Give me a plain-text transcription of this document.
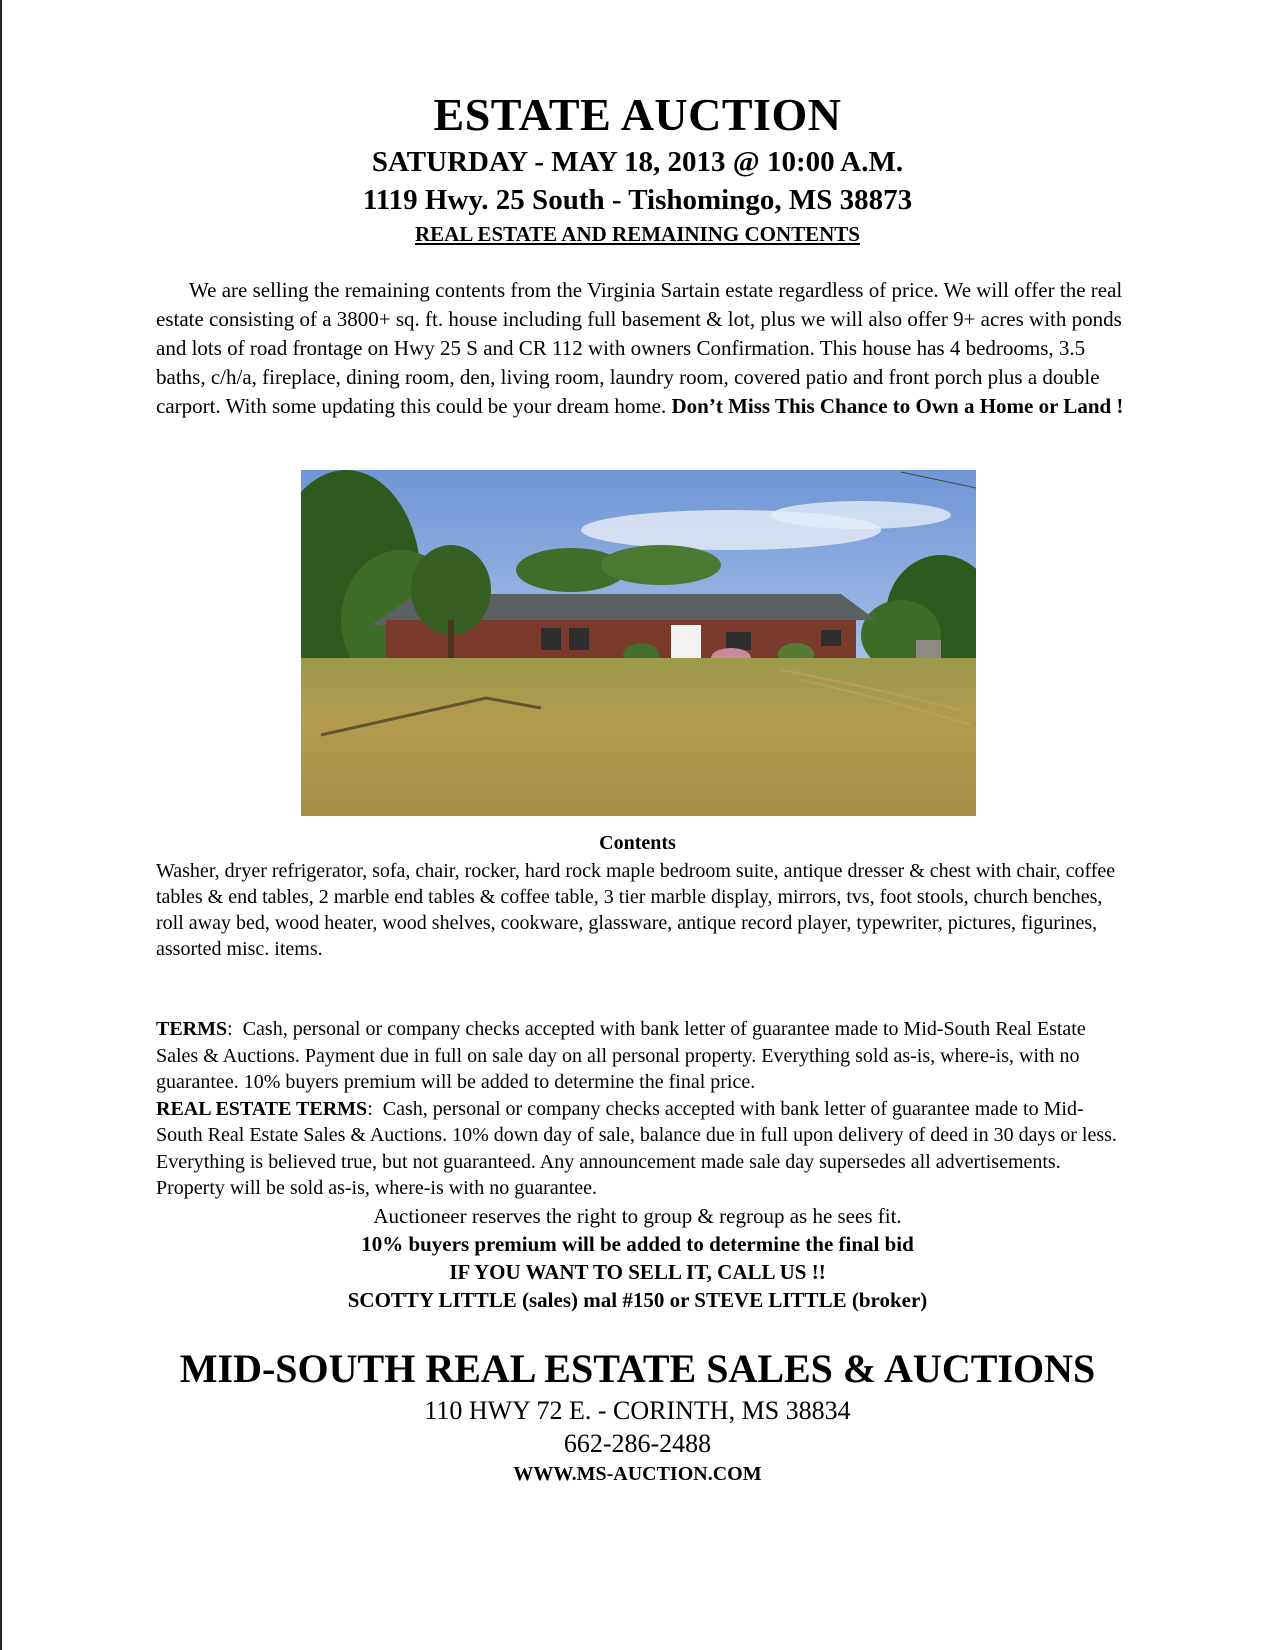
ESTATE AUCTION
SATURDAY - MAY 18, 2013 @ 10:00 A.M.
1119 Hwy. 25 South - Tishomingo, MS 38873
REAL ESTATE AND REMAINING CONTENTS
We are selling the remaining contents from the Virginia Sartain estate regardless of price. We will offer the real estate consisting of a 3800+ sq. ft. house including full basement & lot, plus we will also offer 9+ acres with ponds and lots of road frontage on Hwy 25 S and CR 112 with owners Confirmation. This house has 4 bedrooms, 3.5 baths, c/h/a, fireplace, dining room, den, living room, laundry room, covered patio and front porch plus a double carport. With some updating this could be your dream home. Don’t Miss This Chance to Own a Home or Land !
Contents
Washer, dryer refrigerator, sofa, chair, rocker, hard rock maple bedroom suite, antique dresser & chest with chair, coffee tables & end tables, 2 marble end tables & coffee table, 3 tier marble display, mirrors, tvs, foot stools, church benches, roll away bed, wood heater, wood shelves, cookware, glassware, antique record player, typewriter, pictures, figurines, assorted misc. items.
TERMS:  Cash, personal or company checks accepted with bank letter of guarantee made to Mid-South Real Estate Sales & Auctions. Payment due in full on sale day on all personal property. Everything sold as-is, where-is, with no guarantee. 10% buyers premium will be added to determine the final price.
REAL ESTATE TERMS:  Cash, personal or company checks accepted with bank letter of guarantee made to Mid-South Real Estate Sales & Auctions. 10% down day of sale, balance due in full upon delivery of deed in 30 days or less. Everything is believed true, but not guaranteed. Any announcement made sale day supersedes all advertisements. Property will be sold as-is, where-is with no guarantee.
Auctioneer reserves the right to group & regroup as he sees fit.
10% buyers premium will be added to determine the final bid
IF YOU WANT TO SELL IT, CALL US !!
SCOTTY LITTLE (sales) mal #150 or STEVE LITTLE (broker)
MID-SOUTH REAL ESTATE SALES & AUCTIONS
110 HWY 72 E. - CORINTH, MS 38834
662-286-2488
WWW.MS-AUCTION.COM
